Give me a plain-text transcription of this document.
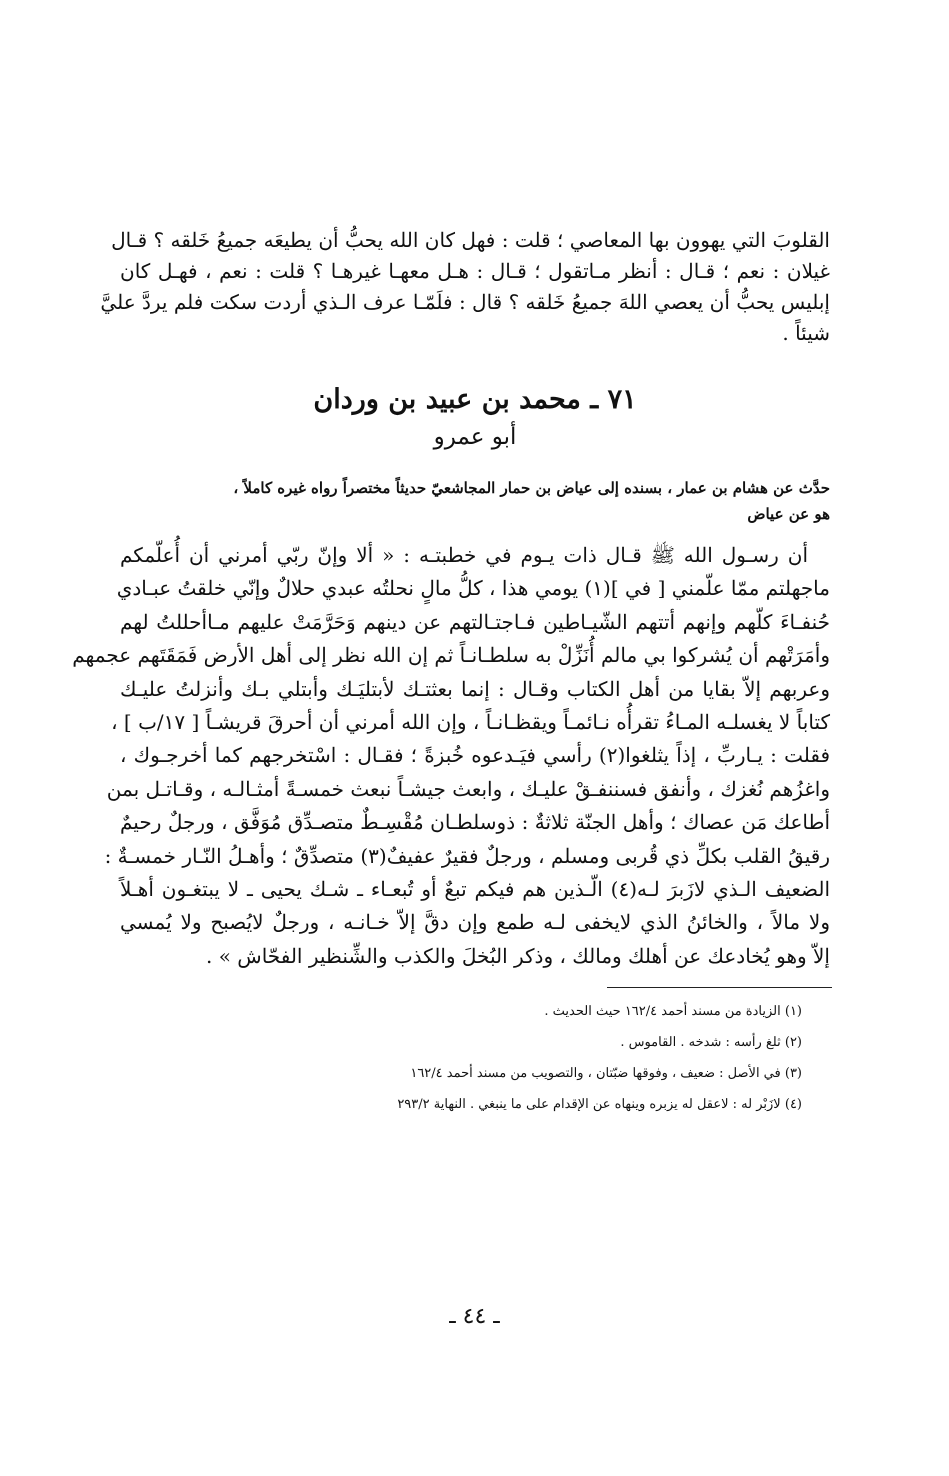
القلوبَ التي يهوون بها المعاصي ؛ قلت : فهل كان الله يحبُّ أن يطيعَه جميعُ خَلقه ؟ قـال
غيلان : نعم ؛ قـال : أنظر مـاتقول ؛ قـال : هـل معهـا غيرهـا ؟ قلت : نعم ، فهـل كان
إبليس يحبُّ أن يعصي اللهَ جميعُ خَلقه ؟ قال : فلَمّـا عرف الـذي أردت سكت فلم يردَّ عليَّ
شيئاً .
٧١ ـ محمد بن عبيد بن وردان
أبو عمرو
حدَّث عن هشام بن عمار ، بسنده إلى عياض بن حمار المجاشعيّ حديثاً مختصراً رواه غيره كاملاً ،
هو عن عياض
أن رسـول الله ﷺ قـال ذات يـوم في خطبتـه : « ألا وإنّ ربّي أمرني أن أُعلّمكم
ماجهلتم ممّا علّمني [ في ](١) يومي هذا ، كلُّ مالٍ نحلتُه عبدي حلالٌ وإنّي خلقتُ عبـادي
حُنفـاءَ كلّهم وإنهم أتتهم الشّيـاطين فـاجتـالتهم عن دينهم وَحَرَّمَتْ عليهم مـاأحللتُ لهم
وأمَرَتْهم أن يُشركوا بي مالم أُنَزِّلْ به سلطـانـاً ثم إن الله نظر إلى أهل الأرض فَمَقَتَهم عجمهم
وعربهم إلاّ بقايا من أهل الكتاب وقـال : إنما بعثتـك لأبتليَـك وأبتلي بـك وأنزلتُ عليـك
كتاباً لا يغسلـه المـاءُ تقرأُه نـائمـاً ويقظـانـاً ، وإن الله أمرني أن أحرقَ قريشـاً [ ١٧/ب ] ،
فقلت : يـاربِّ ، إذاً يثلغوا(٢) رأسي فيَـدعوه خُبزةً ؛ فقـال : اسْتخرجهم كما أخرجـوك ،
واغزُهم نُغزك ، وأنفق فسننفـقْ عليـك ، وابعث جيشـاً نبعث خمسـةً أمثـالـه ، وقـاتـل بمن
أطاعك مَن عصاك ؛ وأهل الجنّة ثلاثةٌ : ذوسلطـان مُقْسِـطٌ متصـدِّق مُوَفَّق ، ورجلٌ رحيمٌ
رقيقُ القلب بكلِّ ذي قُربى ومسلم ، ورجلٌ فقيرٌ عفيفٌ(٣) متصدِّقٌ ؛ وأهـلُ النّـار خمسـةٌ :
الضعيف الـذي لازَبرَ لـه(٤) الّـذين هم فيكم تبعٌ أو تُبعـاء ـ شـك يحيى ـ لا يبتغـون أهـلاً
ولا مالاً ، والخائنُ الذي لايخفى لـه طمع وإن دقَّ إلاّ خـانـه ، ورجلٌ لايُصبح ولا يُمسي
إلاّ وهو يُخادعك عن أهلك ومالك ، وذكر البُخلَ والكذب والشِّنظير الفحّاش » .
(١) الزيادة من مسند أحمد ١٦٢/٤ حيث الحديث .
(٢) ثلغ رأسه : شدخه . القاموس .
(٣) في الأصل : ضعيف ، وفوقها ضبّتان ، والتصويب من مسند أحمد ١٦٢/٤
(٤) لازَبْر له : لاعقل له يزبره وينهاه عن الإقدام على ما ينبغي . النهاية ٢٩٣/٢
ـ ٤٤ ـ
